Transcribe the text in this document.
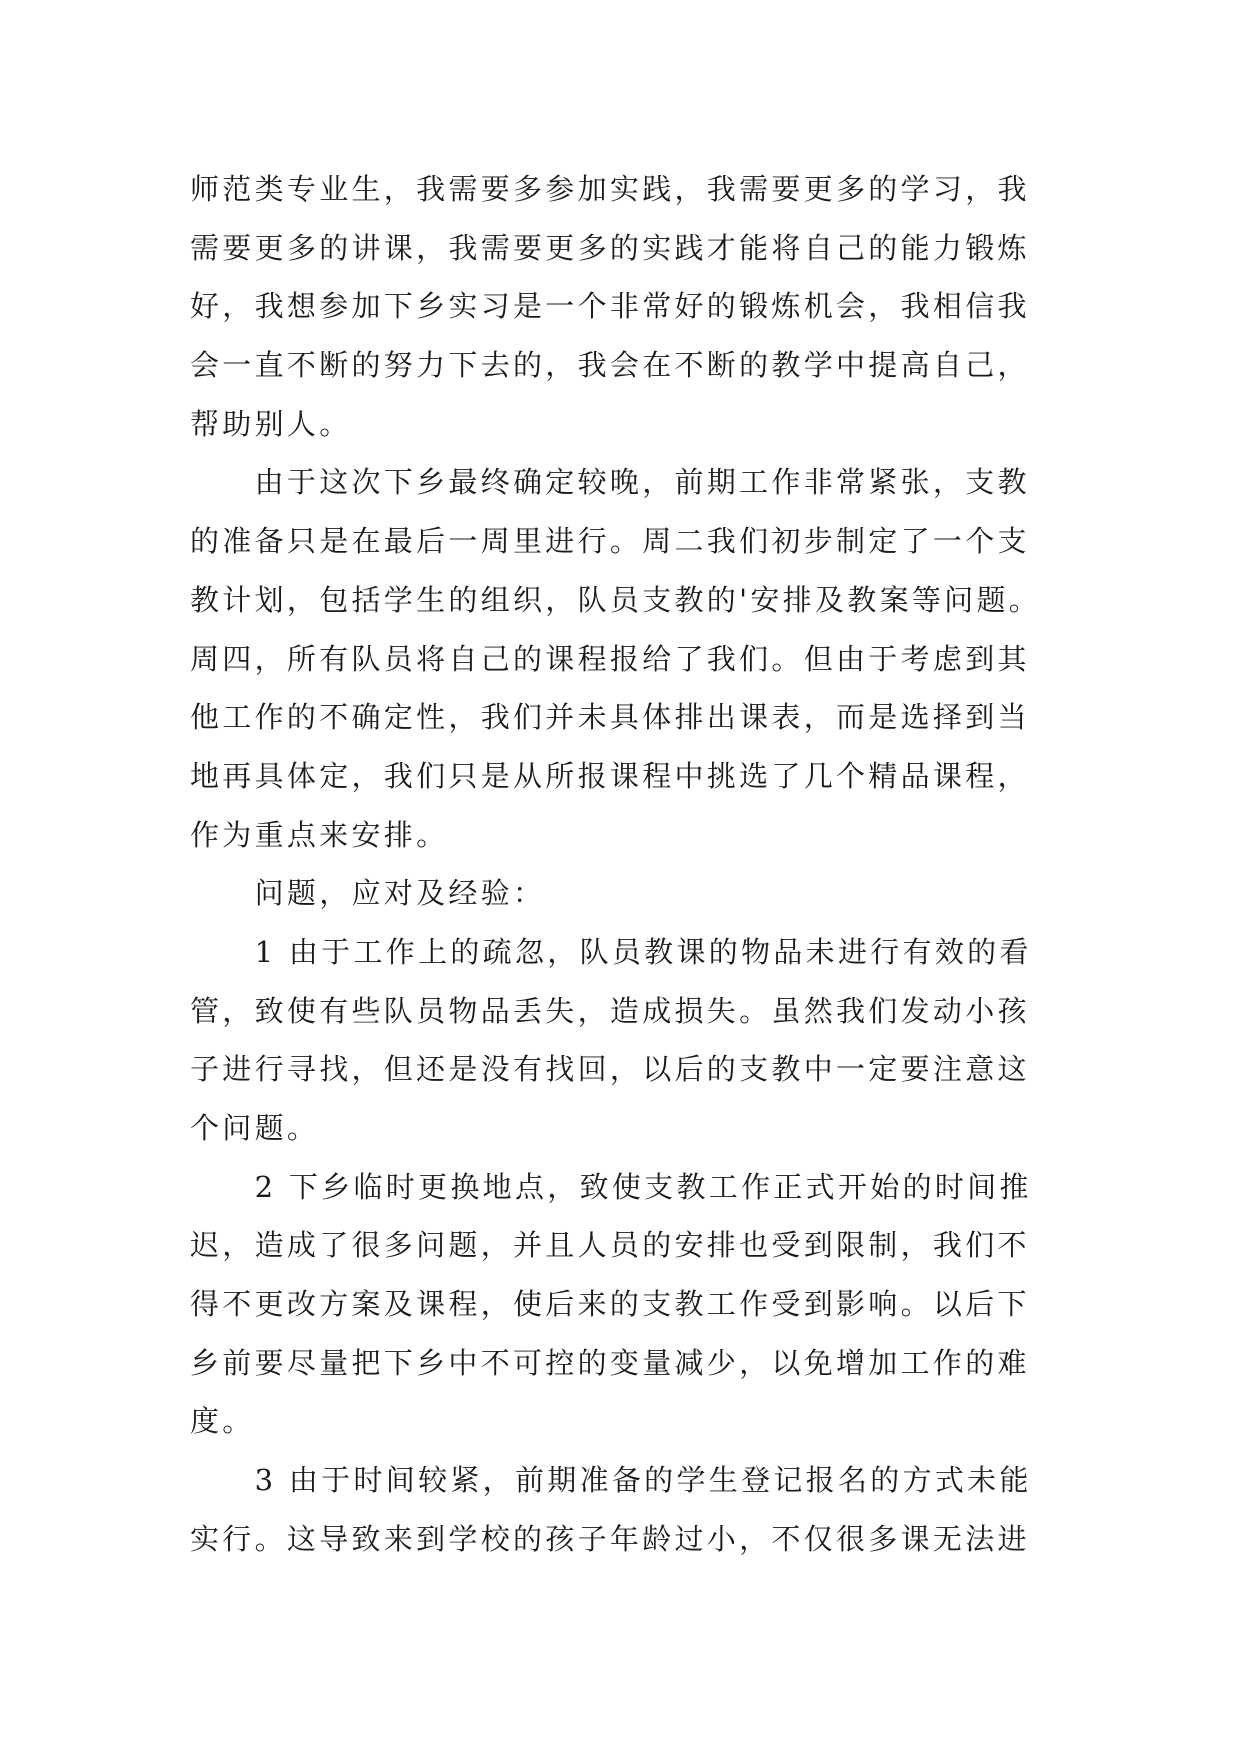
师范类专业生，我需要多参加实践，我需要更多的学习，我

需要更多的讲课，我需要更多的实践才能将自己的能力锻炼

好，我想参加下乡实习是一个非常好的锻炼机会，我相信我

会一直不断的努力下去的，我会在不断的教学中提高自己，

帮助别人。

　　由于这次下乡最终确定较晚，前期工作非常紧张，支教

的准备只是在最后一周里进行。周二我们初步制定了一个支

教计划，包括学生的组织，队员支教的'安排及教案等问题。

周四，所有队员将自己的课程报给了我们。但由于考虑到其

他工作的不确定性，我们并未具体排出课表，而是选择到当

地再具体定，我们只是从所报课程中挑选了几个精品课程，

作为重点来安排。

　　问题，应对及经验：

　　1 由于工作上的疏忽，队员教课的物品未进行有效的看

管，致使有些队员物品丢失，造成损失。虽然我们发动小孩

子进行寻找，但还是没有找回，以后的支教中一定要注意这

个问题。

　　2 下乡临时更换地点，致使支教工作正式开始的时间推

迟，造成了很多问题，并且人员的安排也受到限制，我们不

得不更改方案及课程，使后来的支教工作受到影响。以后下

乡前要尽量把下乡中不可控的变量减少，以免增加工作的难

度。

　　3 由于时间较紧，前期准备的学生登记报名的方式未能

实行。这导致来到学校的孩子年龄过小，不仅很多课无法进
